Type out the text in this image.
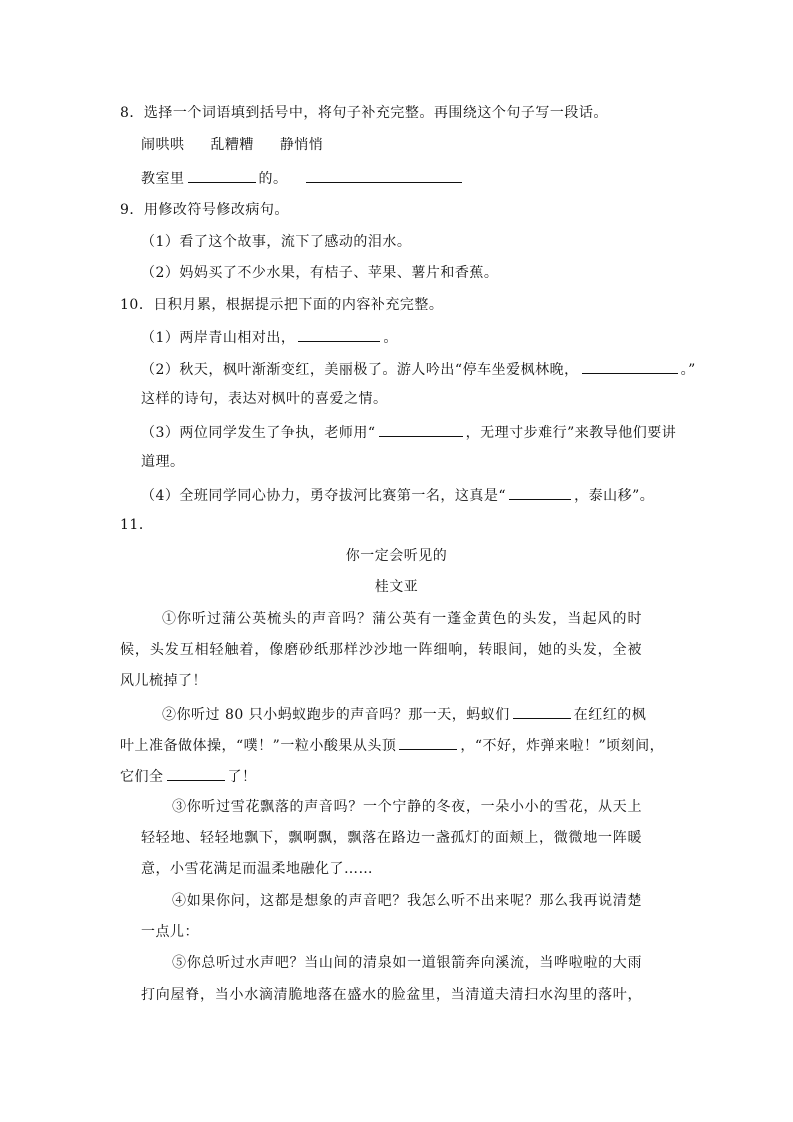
8．选择一个词语填到括号中，将句子补充完整。再围绕这个句子写一段话。
闹哄哄 乱糟糟 静悄悄
教室里	的。
9．用修改符号修改病句。
（1）看了这个故事，流下了感动的泪水。
（2）妈妈买了不少水果，有桔子、苹果、薯片和香蕉。
10．日积月累，根据提示把下面的内容补充完整。
（1）两岸青山相对出，	。
（2）秋天，枫叶渐渐变红，美丽极了。游人吟出“停车坐爱枫林晚，	。”
这样的诗句，表达对枫叶的喜爱之情。
（3）两位同学发生了争执，老师用“	，无理寸步难行”来教导他们要讲
道理。
（4）全班同学同心协力，勇夺拔河比赛第一名，这真是“	，泰山移”。
11．
你一定会听见的
桂文亚
①你听过蒲公英梳头的声音吗？蒲公英有一蓬金黄色的头发，当起风的时
候，头发互相轻触着，像磨砂纸那样沙沙地一阵细响，转眼间，她的头发，全被
风儿梳掉了！
②你听过 80 只小蚂蚁跑步的声音吗？那一天，蚂蚁们	在红红的枫
叶上准备做体操，“噗！”一粒小酸果从头顶	，“不好，炸弹来啦！”顷刻间，
它们全	了！
③你听过雪花飘落的声音吗？一个宁静的冬夜，一朵小小的雪花，从天上
轻轻地、轻轻地飘下，飘啊飘，飘落在路边一盏孤灯的面颊上，微微地一阵暖
意，小雪花满足而温柔地融化了……
④如果你问，这都是想象的声音吧？我怎么听不出来呢？那么我再说清楚
一点儿：
⑤你总听过水声吧？当山间的清泉如一道银箭奔向溪流，当哗啦啦的大雨
打向屋脊，当小水滴清脆地落在盛水的脸盆里，当清道夫清扫水沟里的落叶，
